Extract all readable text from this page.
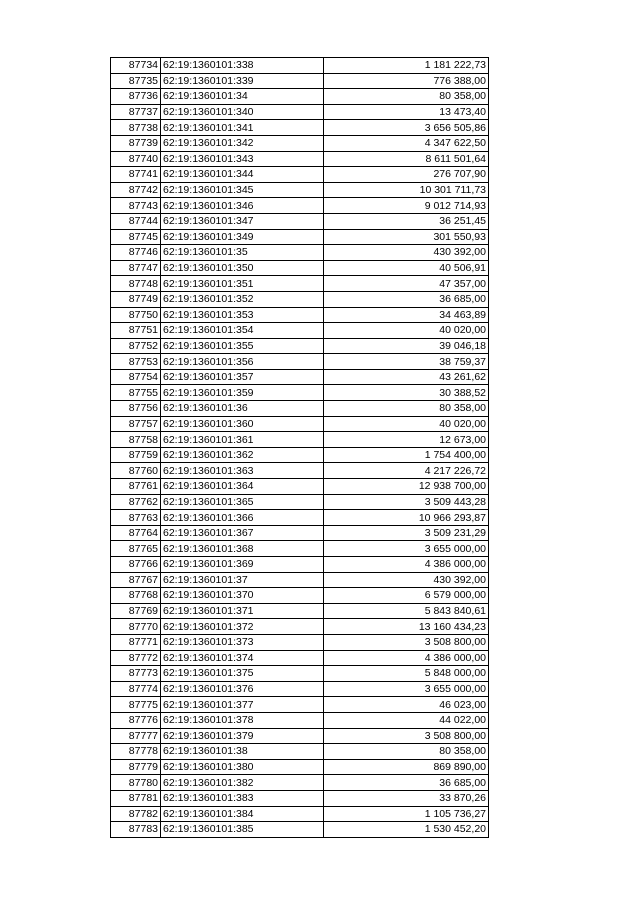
87734	62:19:1360101:338	1 181 222,73
87735	62:19:1360101:339	776 388,00
87736	62:19:1360101:34	80 358,00
87737	62:19:1360101:340	13 473,40
87738	62:19:1360101:341	3 656 505,86
87739	62:19:1360101:342	4 347 622,50
87740	62:19:1360101:343	8 611 501,64
87741	62:19:1360101:344	276 707,90
87742	62:19:1360101:345	10 301 711,73
87743	62:19:1360101:346	9 012 714,93
87744	62:19:1360101:347	36 251,45
87745	62:19:1360101:349	301 550,93
87746	62:19:1360101:35	430 392,00
87747	62:19:1360101:350	40 506,91
87748	62:19:1360101:351	47 357,00
87749	62:19:1360101:352	36 685,00
87750	62:19:1360101:353	34 463,89
87751	62:19:1360101:354	40 020,00
87752	62:19:1360101:355	39 046,18
87753	62:19:1360101:356	38 759,37
87754	62:19:1360101:357	43 261,62
87755	62:19:1360101:359	30 388,52
87756	62:19:1360101:36	80 358,00
87757	62:19:1360101:360	40 020,00
87758	62:19:1360101:361	12 673,00
87759	62:19:1360101:362	1 754 400,00
87760	62:19:1360101:363	4 217 226,72
87761	62:19:1360101:364	12 938 700,00
87762	62:19:1360101:365	3 509 443,28
87763	62:19:1360101:366	10 966 293,87
87764	62:19:1360101:367	3 509 231,29
87765	62:19:1360101:368	3 655 000,00
87766	62:19:1360101:369	4 386 000,00
87767	62:19:1360101:37	430 392,00
87768	62:19:1360101:370	6 579 000,00
87769	62:19:1360101:371	5 843 840,61
87770	62:19:1360101:372	13 160 434,23
87771	62:19:1360101:373	3 508 800,00
87772	62:19:1360101:374	4 386 000,00
87773	62:19:1360101:375	5 848 000,00
87774	62:19:1360101:376	3 655 000,00
87775	62:19:1360101:377	46 023,00
87776	62:19:1360101:378	44 022,00
87777	62:19:1360101:379	3 508 800,00
87778	62:19:1360101:38	80 358,00
87779	62:19:1360101:380	869 890,00
87780	62:19:1360101:382	36 685,00
87781	62:19:1360101:383	33 870,26
87782	62:19:1360101:384	1 105 736,27
87783	62:19:1360101:385	1 530 452,20
